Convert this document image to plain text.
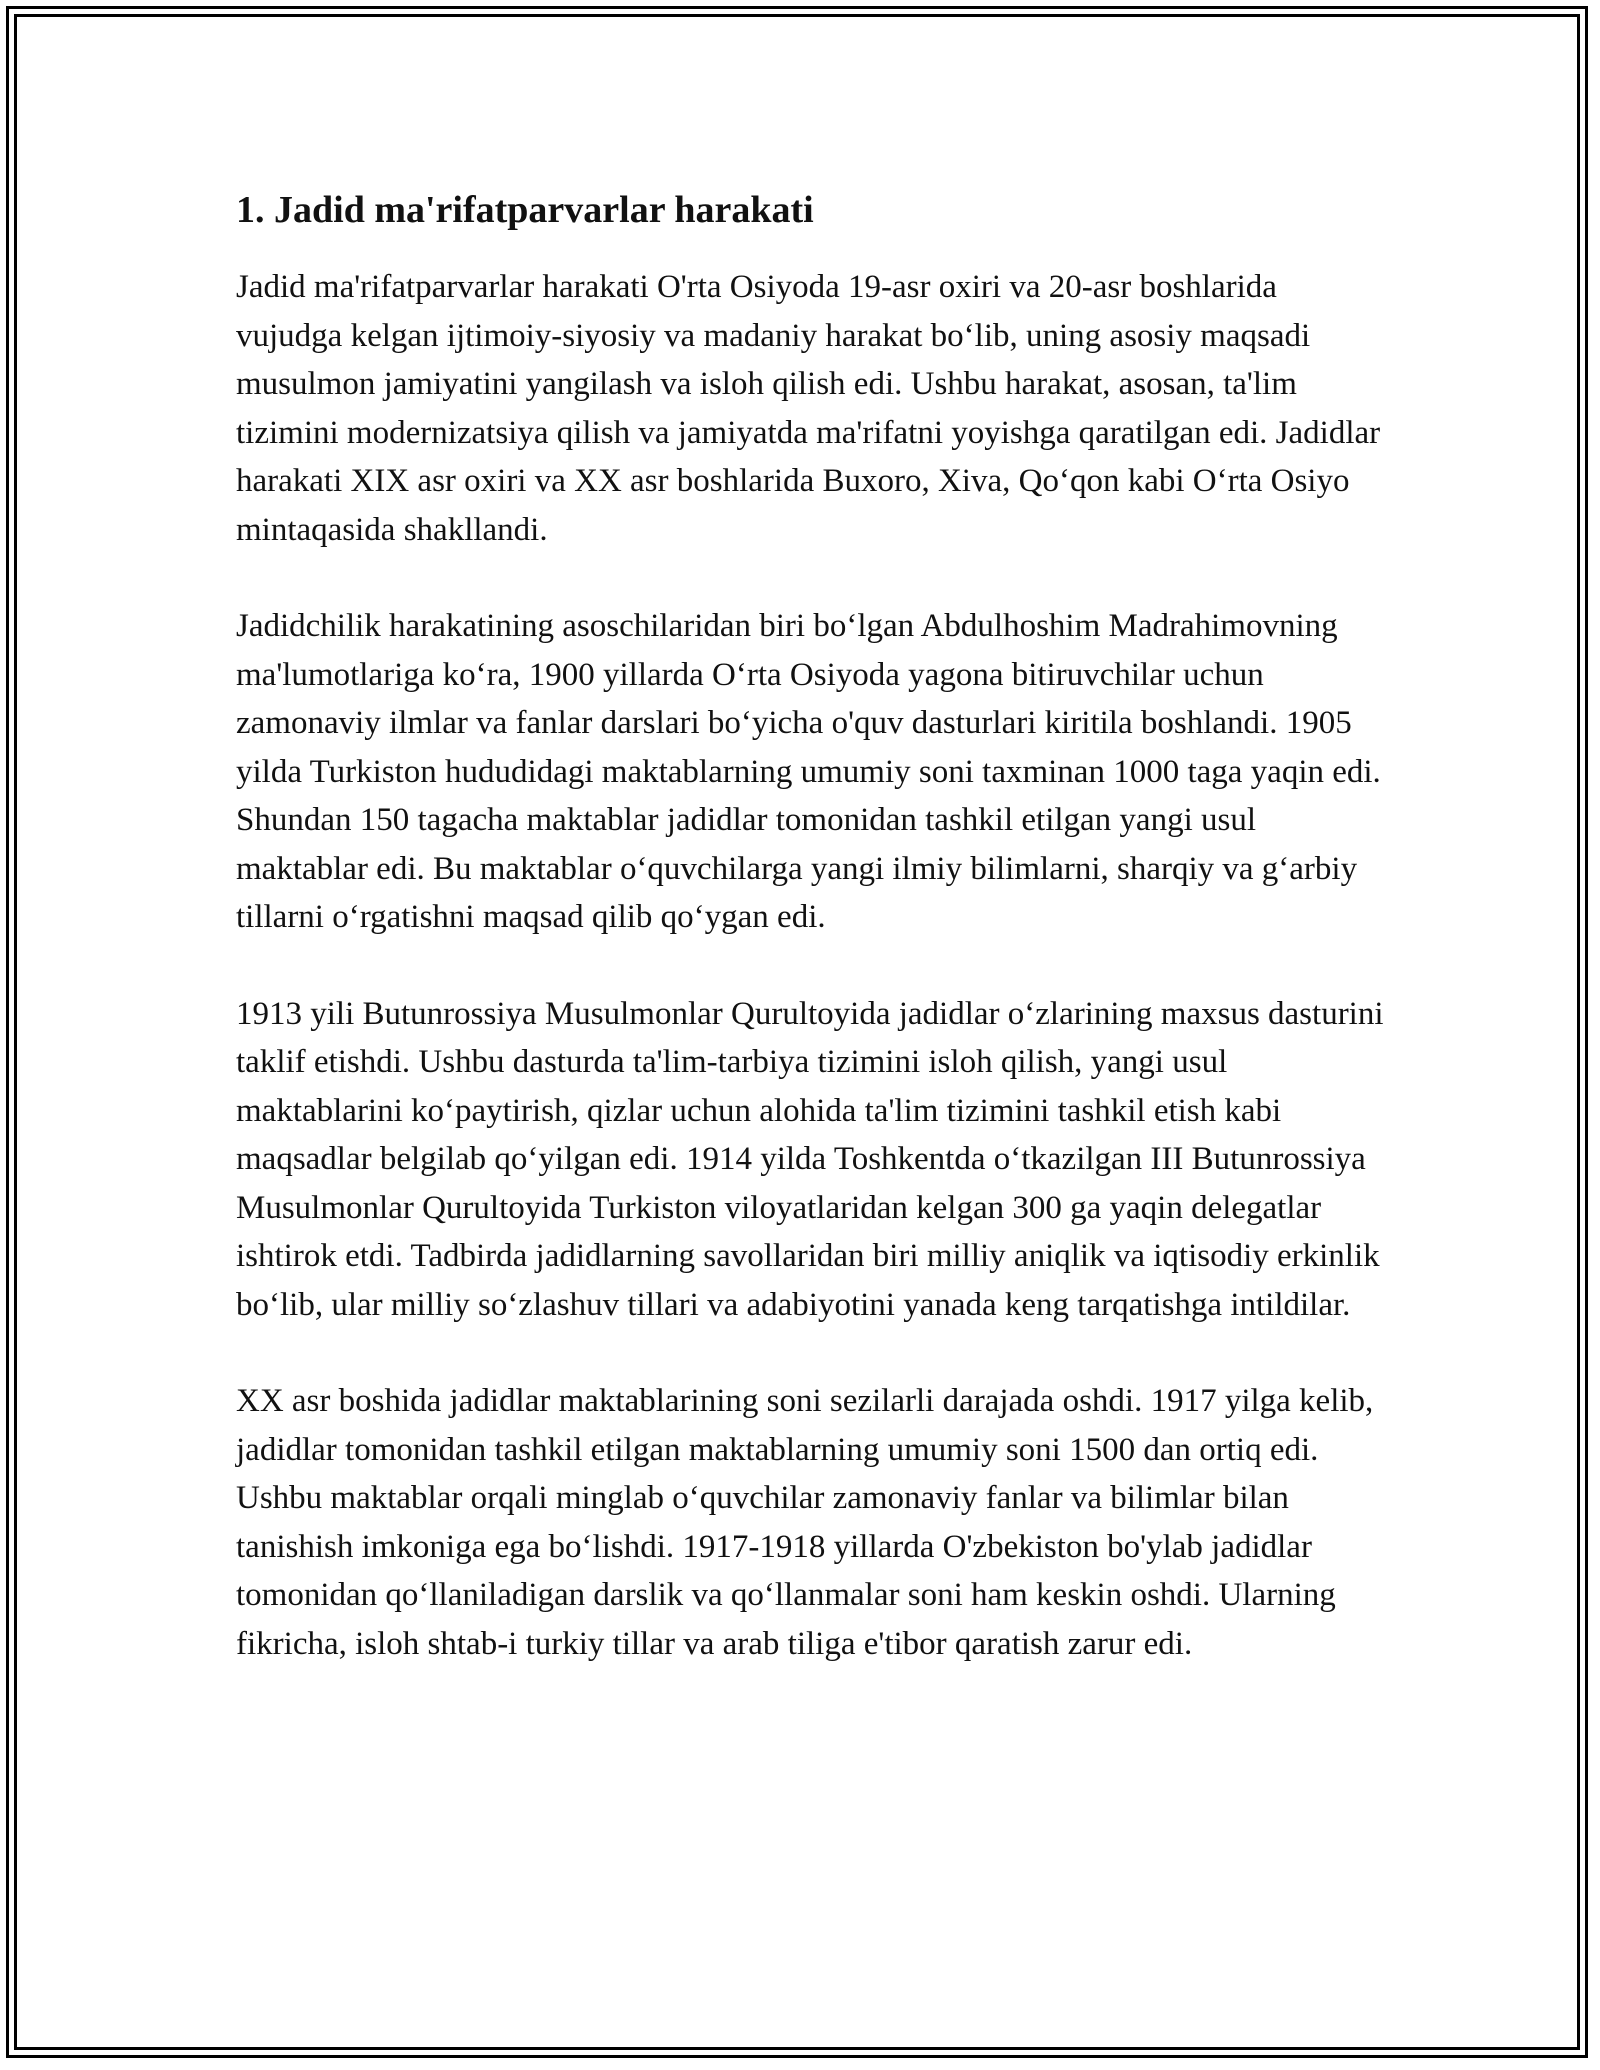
1. Jadid ma'rifatparvarlar harakati

Jadid ma'rifatparvarlar harakati O'rta Osiyoda 19-asr oxiri va 20-asr boshlarida vujudga kelgan ijtimoiy-siyosiy va madaniy harakat bo‘lib, uning asosiy maqsadi musulmon jamiyatini yangilash va isloh qilish edi. Ushbu harakat, asosan, ta'lim tizimini modernizatsiya qilish va jamiyatda ma'rifatni yoyishga qaratilgan edi. Jadidlar harakati XIX asr oxiri va XX asr boshlarida Buxoro, Xiva, Qo‘qon kabi O‘rta Osiyo mintaqasida shakllandi.

Jadidchilik harakatining asoschilaridan biri bo‘lgan Abdulhoshim Madrahimovning ma'lumotlariga ko‘ra, 1900 yillarda O‘rta Osiyoda yagona bitiruvchilar uchun zamonaviy ilmlar va fanlar darslari bo‘yicha o'quv dasturlari kiritila boshlandi. 1905 yilda Turkiston hududidagi maktablarning umumiy soni taxminan 1000 taga yaqin edi. Shundan 150 tagacha maktablar jadidlar tomonidan tashkil etilgan yangi usul maktablar edi. Bu maktablar o‘quvchilarga yangi ilmiy bilimlarni, sharqiy va g‘arbiy tillarni o‘rgatishni maqsad qilib qo‘ygan edi.

1913 yili Butunrossiya Musulmonlar Qurultoyida jadidlar o‘zlarining maxsus dasturini taklif etishdi. Ushbu dasturda ta'lim-tarbiya tizimini isloh qilish, yangi usul maktablarini ko‘paytirish, qizlar uchun alohida ta'lim tizimini tashkil etish kabi maqsadlar belgilab qo‘yilgan edi. 1914 yilda Toshkentda o‘tkazilgan III Butunrossiya Musulmonlar Qurultoyida Turkiston viloyatlaridan kelgan 300 ga yaqin delegatlar ishtirok etdi. Tadbirda jadidlarning savollaridan biri milliy aniqlik va iqtisodiy erkinlik bo‘lib, ular milliy so‘zlashuv tillari va adabiyotini yanada keng tarqatishga intildilar.

XX asr boshida jadidlar maktablarining soni sezilarli darajada oshdi. 1917 yilga kelib, jadidlar tomonidan tashkil etilgan maktablarning umumiy soni 1500 dan ortiq edi. Ushbu maktablar orqali minglab o‘quvchilar zamonaviy fanlar va bilimlar bilan tanishish imkoniga ega bo‘lishdi. 1917-1918 yillarda O'zbekiston bo'ylab jadidlar tomonidan qo‘llaniladigan darslik va qo‘llanmalar soni ham keskin oshdi. Ularning fikricha, isloh shtab-i turkiy tillar va arab tiliga e'tibor qaratish zarur edi.
